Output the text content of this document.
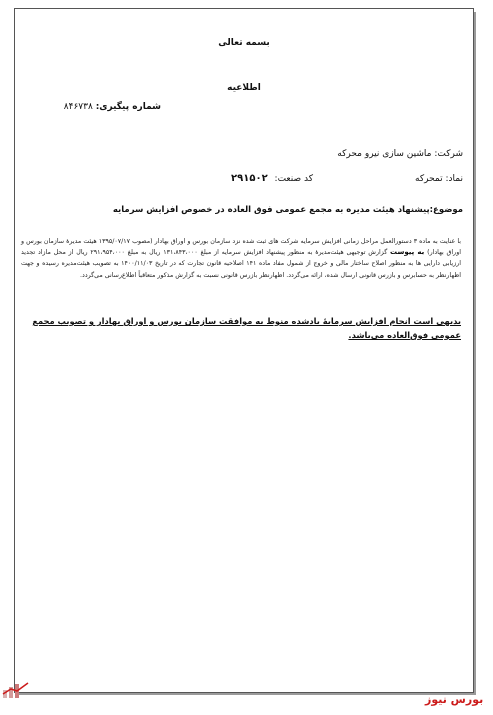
بسمه تعالی
اطلاعیه
شماره پیگیری: ۸۴۶۷۳۸
شرکت: ماشین سازی نیرو محرکه
نماد: تمحرکه
کد صنعت: ۲۹۱۵۰۲
موضوع:پیشنهاد هیئت مدیره به مجمع عمومی فوق العاده در خصوص افزایش سرمایه
با عنایت به ماده ۳ دستورالعمل مراحل زمانی افزایش سرمایه شرکت های ثبت شده نزد سازمان بورس و اوراق بهادار (مصوب ۱۳۹۵/۰۷/۱۷ هیئت مدیرهٔ سازمان بورس و اوراق بهادار) به پیوست گزارش توجیهی هیئت‌مدیرهٔ به منظور پیشنهاد افزایش سرمایه از مبلغ ۱۳۱،۸۴۳،۰۰۰ ریال به مبلغ ۲۹۱،۹۵۴،۰۰۰ ریال از محل مازاد تجدید ارزیابی دارایی ها به منظور اصلاح ساختار مالی و خروج از شمول مفاد ماده ۱۴۱ اصلاحیه قانون تجارت که در تاریخ ۱۴۰۰/۱۱/۰۳ به تصویب هیئت‌مدیره رسیده و جهت اظهارنظر به حسابرس و بازرس قانونی ارسال شده، ارائه می‌گردد. اظهارنظر بازرس قانونی نسبت به گزارش مذکور متعاقباً اطلاع‌رسانی می‌گردد.
بدیهی است انجام افزایش سرمایهٔ یادشده منوط به موافقت سازمان بورس و اوراق بهادار و تصویب مجمع عمومی فوق‌العاده می‌باشد.
بورس نیوز
